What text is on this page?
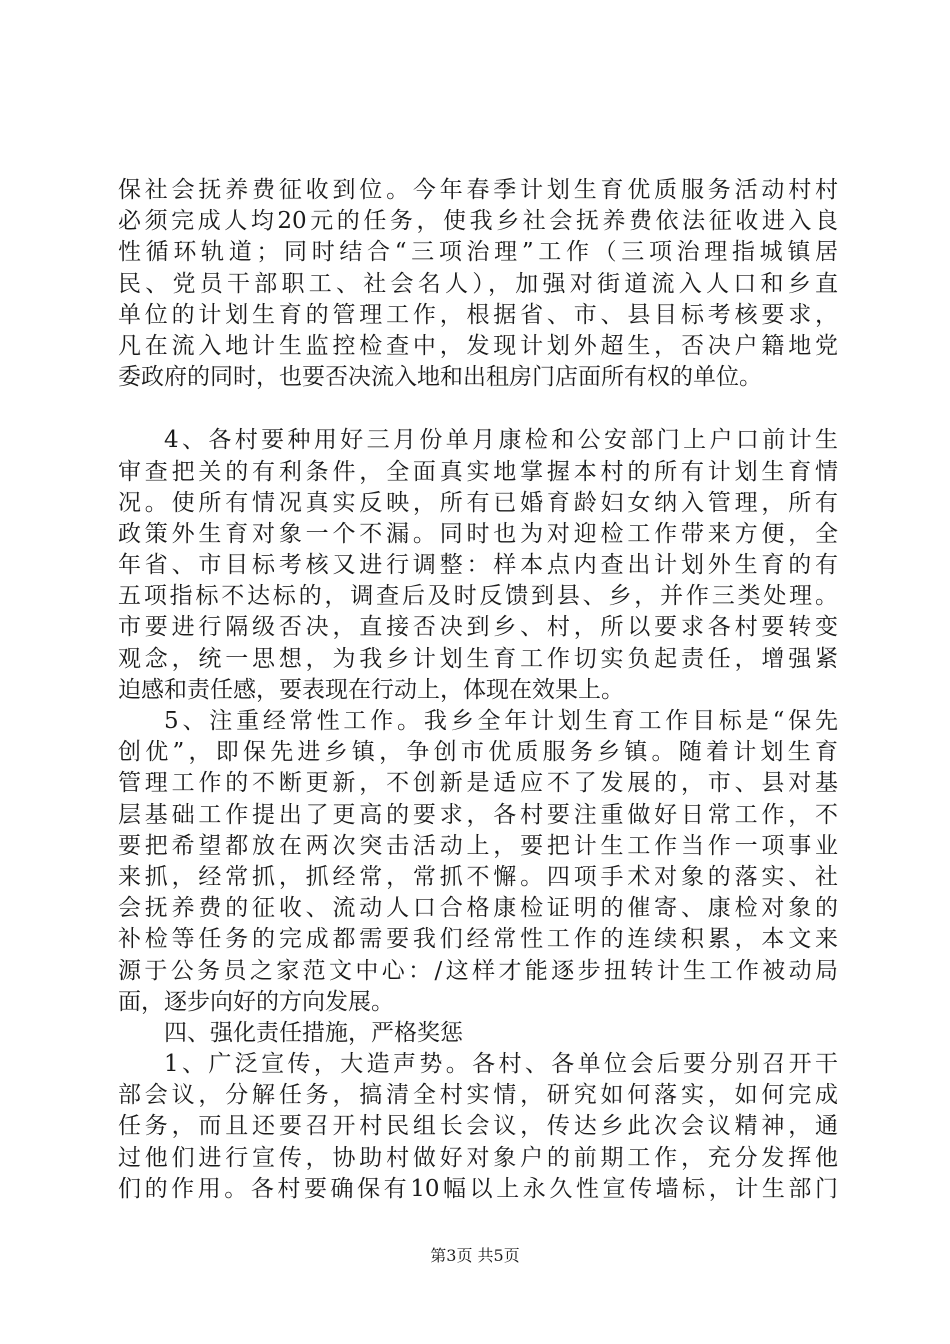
保社会抚养费征收到位。今年春季计划生育优质服务活动村村
必须完成人均20元的任务，使我乡社会抚养费依法征收进入良
性循环轨道；同时结合“三项治理”工作（三项治理指城镇居
民、党员干部职工、社会名人），加强对街道流入人口和乡直
单位的计划生育的管理工作，根据省、市、县目标考核要求，
凡在流入地计生监控检查中，发现计划外超生，否决户籍地党
委政府的同时，也要否决流入地和出租房门店面所有权的单位。
4、各村要种用好三月份单月康检和公安部门上户口前计生
审查把关的有利条件，全面真实地掌握本村的所有计划生育情
况。使所有情况真实反映，所有已婚育龄妇女纳入管理，所有
政策外生育对象一个不漏。同时也为对迎检工作带来方便，全
年省、市目标考核又进行调整：样本点内查出计划外生育的有
五项指标不达标的，调查后及时反馈到县、乡，并作三类处理。
市要进行隔级否决，直接否决到乡、村，所以要求各村要转变
观念，统一思想，为我乡计划生育工作切实负起责任，增强紧
迫感和责任感，要表现在行动上，体现在效果上。
5、注重经常性工作。我乡全年计划生育工作目标是“保先
创优”，即保先进乡镇，争创市优质服务乡镇。随着计划生育
管理工作的不断更新，不创新是适应不了发展的，市、县对基
层基础工作提出了更高的要求，各村要注重做好日常工作，不
要把希望都放在两次突击活动上，要把计生工作当作一项事业
来抓，经常抓，抓经常，常抓不懈。四项手术对象的落实、社
会抚养费的征收、流动人口合格康检证明的催寄、康检对象的
补检等任务的完成都需要我们经常性工作的连续积累，本文来
源于公务员之家范文中心：/这样才能逐步扭转计生工作被动局
面，逐步向好的方向发展。
四、强化责任措施，严格奖惩
1、广泛宣传，大造声势。各村、各单位会后要分别召开干
部会议，分解任务，搞清全村实情，研究如何落实，如何完成
任务，而且还要召开村民组长会议，传达乡此次会议精神，通
过他们进行宣传，协助村做好对象户的前期工作，充分发挥他
们的作用。各村要确保有10幅以上永久性宣传墙标，计生部门
第3页 共5页
